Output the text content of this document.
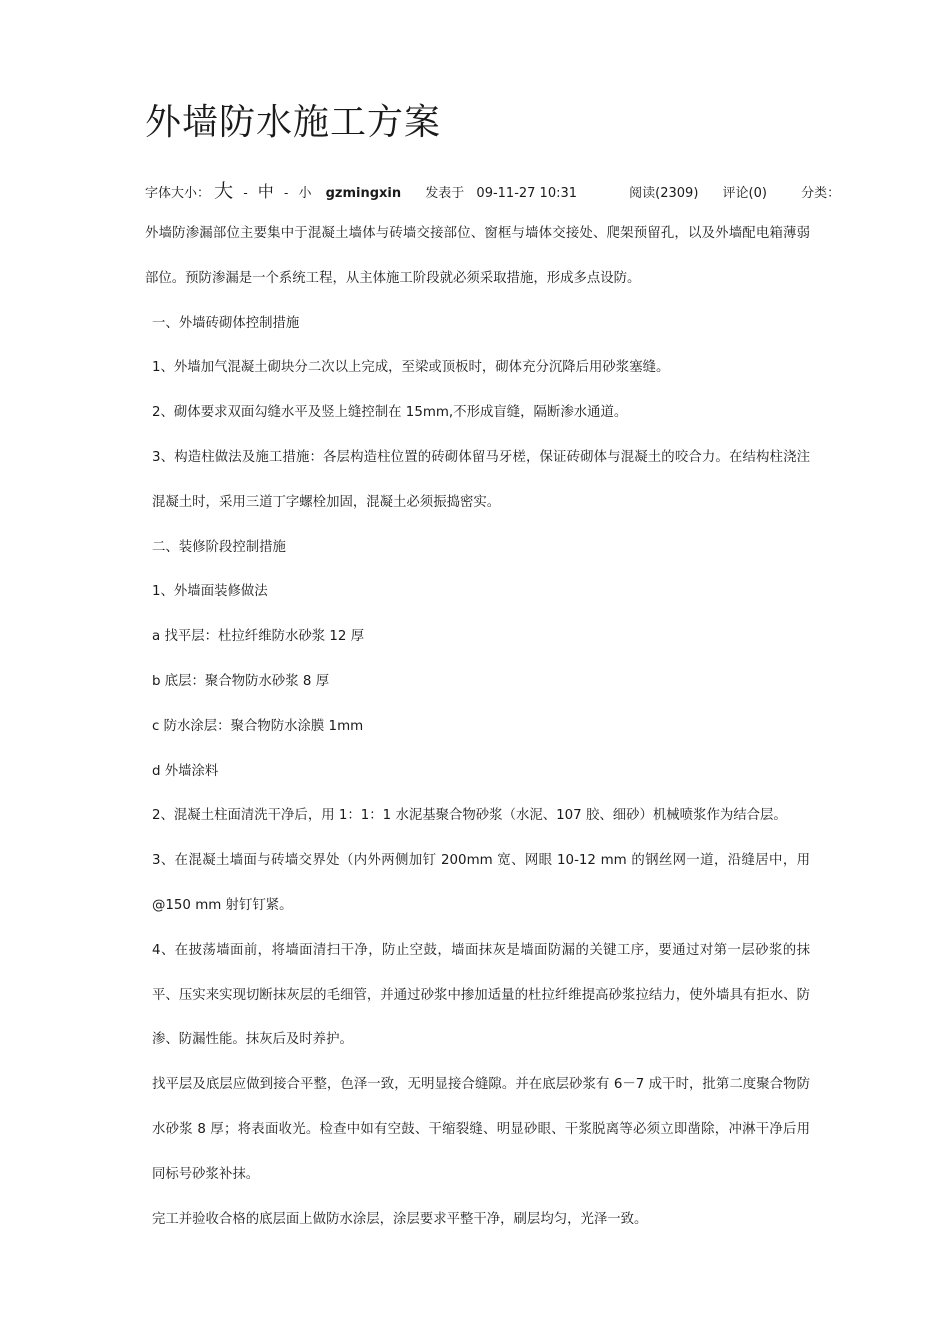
外墙防水施工方案
字体大小： 大 - 中 - 小 gzmingxin 发表于 09-11-27 10:31	阅读(2309) 评论(0)	分类：

外墙防渗漏部位主要集中于混凝土墙体与砖墙交接部位、窗框与墙体交接处、爬架预留孔，以及外墙配电箱薄弱部位。预防渗漏是一个系统工程，从主体施工阶段就必须采取措施，形成多点设防。

一、外墙砖砌体控制措施

1、外墙加气混凝土砌块分二次以上完成，至梁或顶板时，砌体充分沉降后用砂浆塞缝。

2、砌体要求双面勾缝水平及竖上缝控制在 15mm,不形成盲缝，隔断渗水通道。

3、构造柱做法及施工措施：各层构造柱位置的砖砌体留马牙槎，保证砖砌体与混凝土的咬合力。在结构柱浇注混凝土时，采用三道丁字螺栓加固，混凝土必须振捣密实。

二、装修阶段控制措施

1、外墙面装修做法

a 找平层：杜拉纤维防水砂浆 12 厚

b 底层：聚合物防水砂浆 8 厚

c 防水涂层：聚合物防水涂膜 1mm

d 外墙涂料

2、混凝土柱面清洗干净后，用 1：1：1 水泥基聚合物砂浆（水泥、107 胶、细砂）机械喷浆作为结合层。

3、在混凝土墙面与砖墙交界处（内外两侧加钉 200mm 宽、网眼 10-12 mm 的钢丝网一道，沿缝居中，用@150 mm 射钉钉紧。

4、在披荡墙面前，将墙面清扫干净，防止空鼓，墙面抹灰是墙面防漏的关键工序，要通过对第一层砂浆的抹平、压实来实现切断抹灰层的毛细管，并通过砂浆中掺加适量的杜拉纤维提高砂浆拉结力，使外墙具有拒水、防渗、防漏性能。抹灰后及时养护。

找平层及底层应做到接合平整，色泽一致，无明显接合缝隙。并在底层砂浆有 6－7 成干时，批第二度聚合物防水砂浆 8 厚；将表面收光。检查中如有空鼓、干缩裂缝、明显砂眼、干浆脱离等必须立即凿除，冲淋干净后用同标号砂浆补抹。

完工并验收合格的底层面上做防水涂层，涂层要求平整干净，刷层均匀，光泽一致。
